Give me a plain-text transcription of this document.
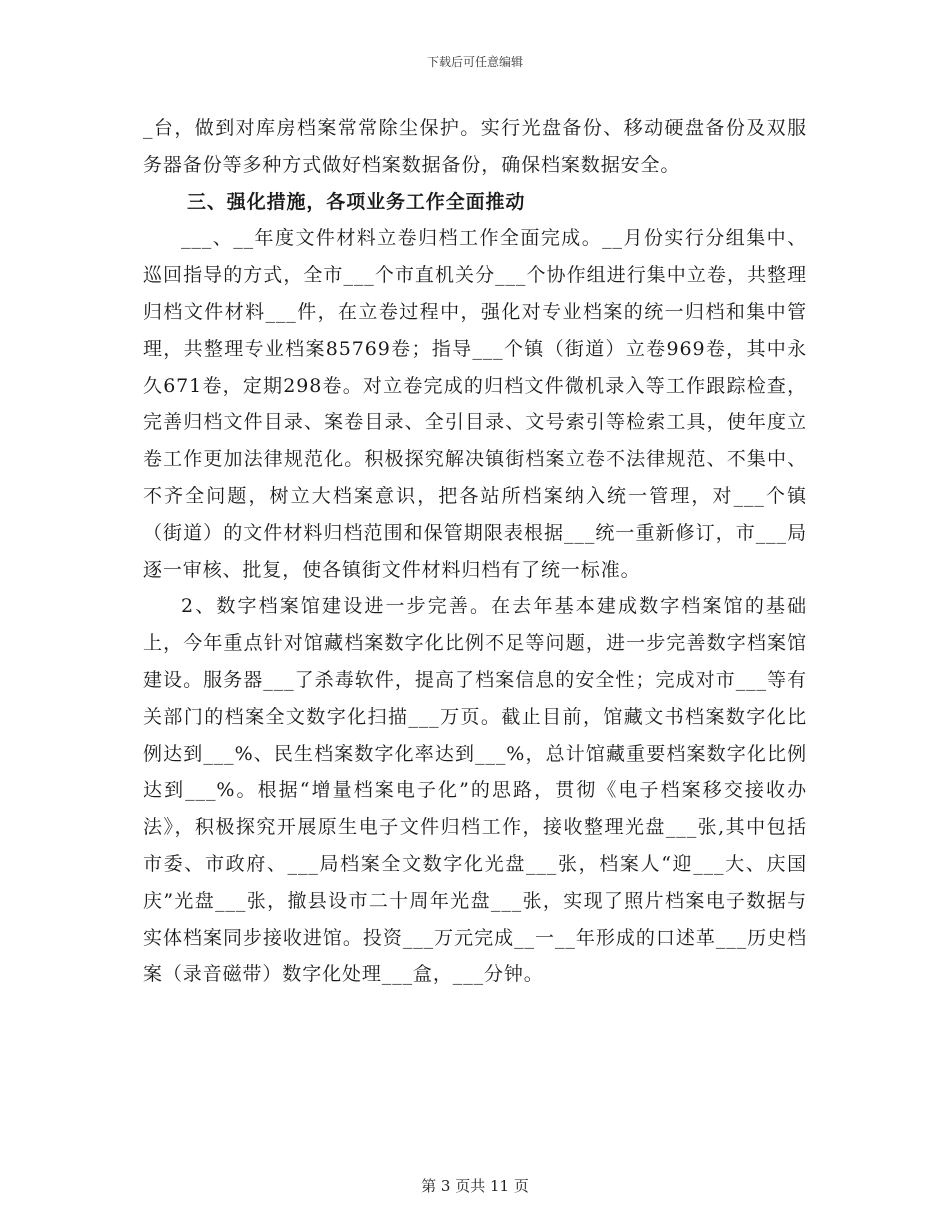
下载后可任意编辑

_台，做到对库房档案常常除尘保护。实行光盘备份、移动硬盘备份及双服务器备份等多种方式做好档案数据备份，确保档案数据安全。

三、强化措施，各项业务工作全面推动

___、__年度文件材料立卷归档工作全面完成。__月份实行分组集中、巡回指导的方式，全市___个市直机关分___个协作组进行集中立卷，共整理归档文件材料___件，在立卷过程中，强化对专业档案的统一归档和集中管理，共整理专业档案85769卷；指导___个镇（街道）立卷969卷，其中永久671卷，定期298卷。对立卷完成的归档文件微机录入等工作跟踪检查，完善归档文件目录、案卷目录、全引目录、文号索引等检索工具，使年度立卷工作更加法律规范化。积极探究解决镇街档案立卷不法律规范、不集中、不齐全问题，树立大档案意识，把各站所档案纳入统一管理，对___个镇（街道）的文件材料归档范围和保管期限表根据___统一重新修订，市___局逐一审核、批复，使各镇街文件材料归档有了统一标准。

2、数字档案馆建设进一步完善。在去年基本建成数字档案馆的基础上，今年重点针对馆藏档案数字化比例不足等问题，进一步完善数字档案馆建设。服务器___了杀毒软件，提高了档案信息的安全性；完成对市___等有关部门的档案全文数字化扫描___万页。截止目前，馆藏文书档案数字化比例达到___%、民生档案数字化率达到___%，总计馆藏重要档案数字化比例达到___%。根据“增量档案电子化”的思路，贯彻《电子档案移交接收办法》，积极探究开展原生电子文件归档工作，接收整理光盘___张,其中包括市委、市政府、___局档案全文数字化光盘___张，档案人“迎___大、庆国庆”光盘___张，撤县设市二十周年光盘___张，实现了照片档案电子数据与实体档案同步接收进馆。投资___万元完成__一__年形成的口述革___历史档案（录音磁带）数字化处理___盒，___分钟。

第 3 页共 11 页
